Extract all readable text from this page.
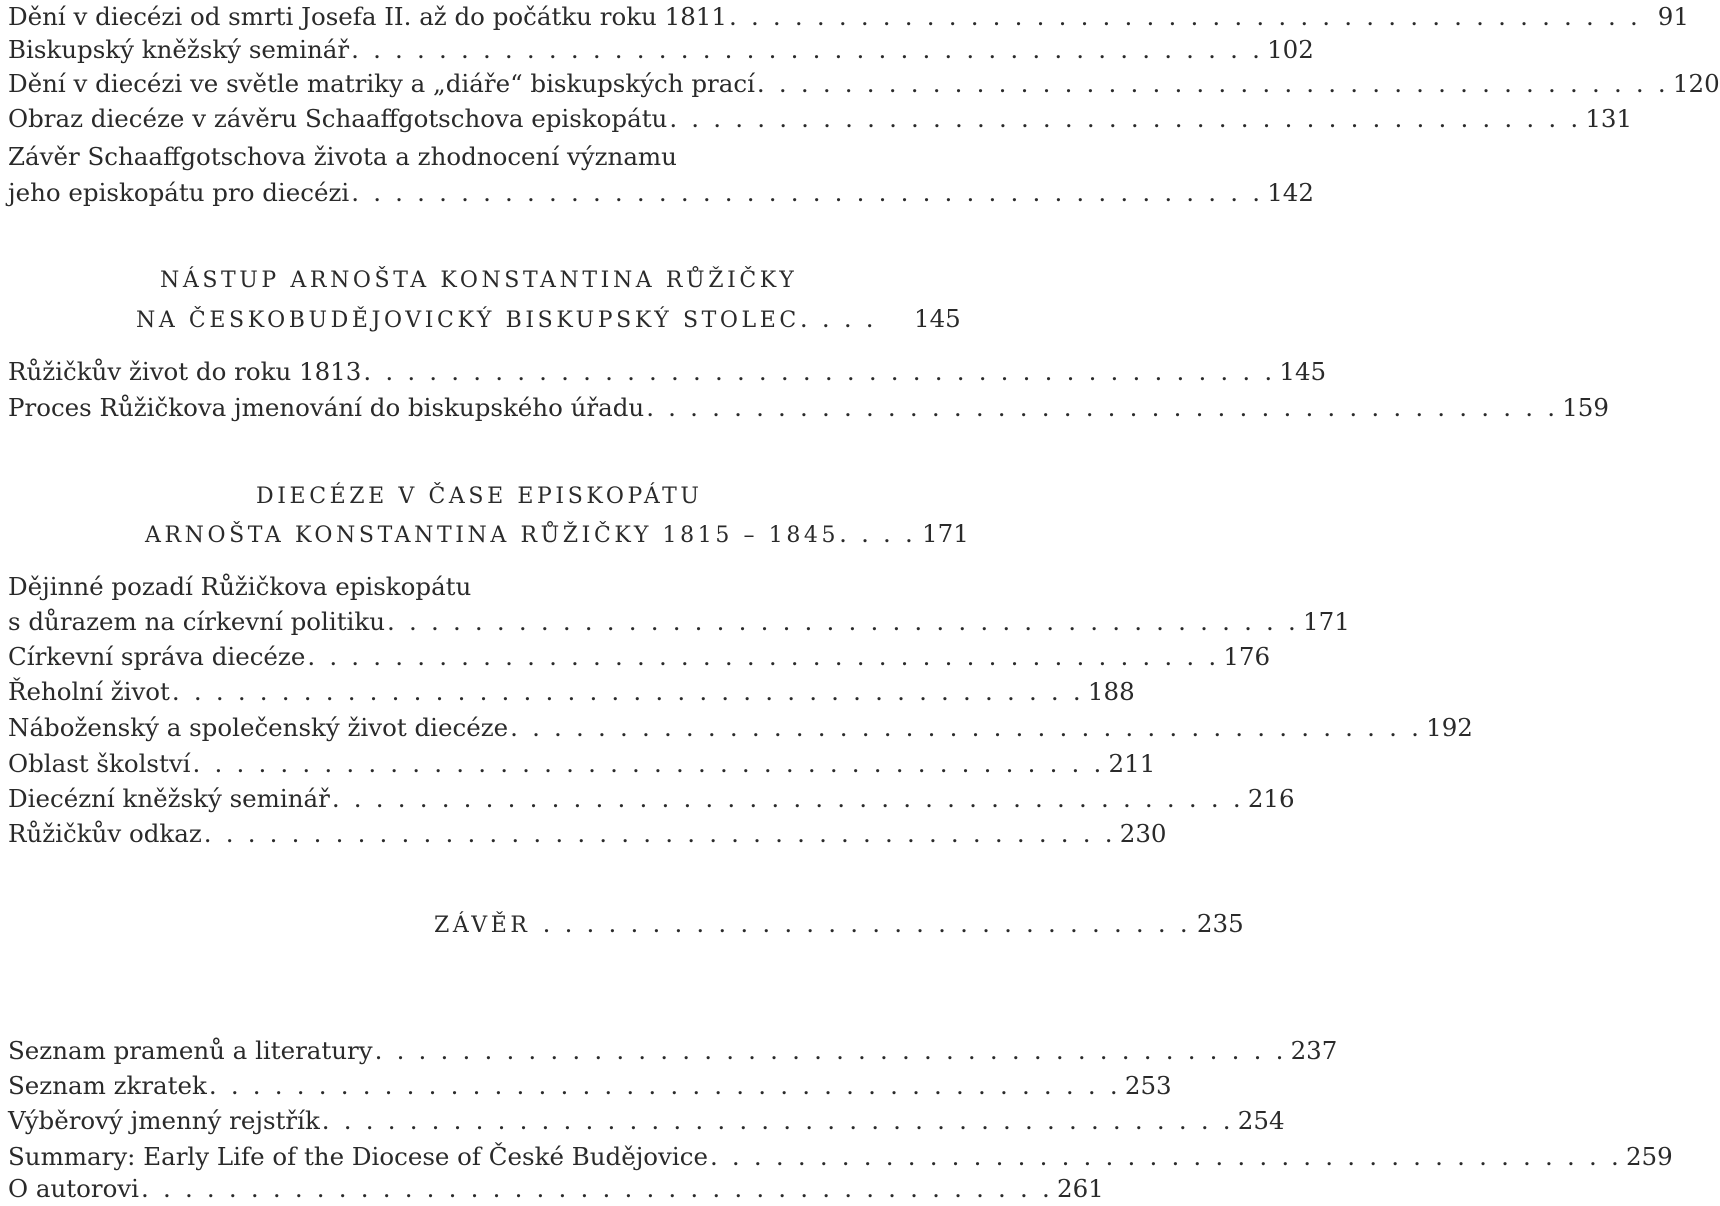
Dění v diecézi od smrti Josefa II. až do počátku roku 1811 . . . . . . . . . . . . . . . . . . . . . . . . . . . . . . . . . . . . . . . . . . 91
Biskupský kněžský seminář . . . . . . . . . . . . . . . . . . . . . . . . . . . . . . . . . . . . . . . . . . 102
Dění v diecézi ve světle matriky a „diáře“ biskupských prací . . . . . . . . . . . . . . . . . . . . . . . . . . . . . . . . . . . . . . . . . . 120
Obraz diecéze v závěru Schaaffgotschova episkopátu . . . . . . . . . . . . . . . . . . . . . . . . . . . . . . . . . . . . . . . . . . 131
Závěr Schaaffgotschova života a zhodnocení významu
jeho episkopátu pro diecézi . . . . . . . . . . . . . . . . . . . . . . . . . . . . . . . . . . . . . . . . . . 142
NÁSTUP ARNOŠTA KONSTANTINA RŮŽIČKY
NA ČESKOBUDĚJOVICKÝ BISKUPSKÝ STOLEC . . . . 145
Růžičkův život do roku 1813 . . . . . . . . . . . . . . . . . . . . . . . . . . . . . . . . . . . . . . . . . . 145
Proces Růžičkova jmenování do biskupského úřadu . . . . . . . . . . . . . . . . . . . . . . . . . . . . . . . . . . . . . . . . . . 159
DIECÉZE V ČASE EPISKOPÁTU
ARNOŠTA KONSTANTINA RŮŽIČKY 1815 – 1845 . . . . 171
Dějinné pozadí Růžičkova episkopátu
s důrazem na církevní politiku . . . . . . . . . . . . . . . . . . . . . . . . . . . . . . . . . . . . . . . . . . 171
Církevní správa diecéze . . . . . . . . . . . . . . . . . . . . . . . . . . . . . . . . . . . . . . . . . . 176
Řeholní život . . . . . . . . . . . . . . . . . . . . . . . . . . . . . . . . . . . . . . . . . . 188
Náboženský a společenský život diecéze . . . . . . . . . . . . . . . . . . . . . . . . . . . . . . . . . . . . . . . . . . 192
Oblast školství . . . . . . . . . . . . . . . . . . . . . . . . . . . . . . . . . . . . . . . . . . 211
Diecézní kněžský seminář . . . . . . . . . . . . . . . . . . . . . . . . . . . . . . . . . . . . . . . . . . 216
Růžičkův odkaz . . . . . . . . . . . . . . . . . . . . . . . . . . . . . . . . . . . . . . . . . . 230
ZÁVĚR . . . . . . . . . . . . . . . . . . . . . . . . . . . . . . 235
Seznam pramenů a literatury . . . . . . . . . . . . . . . . . . . . . . . . . . . . . . . . . . . . . . . . . . 237
Seznam zkratek . . . . . . . . . . . . . . . . . . . . . . . . . . . . . . . . . . . . . . . . . . 253
Výběrový jmenný rejstřík . . . . . . . . . . . . . . . . . . . . . . . . . . . . . . . . . . . . . . . . . . 254
Summary: Early Life of the Diocese of České Budějovice . . . . . . . . . . . . . . . . . . . . . . . . . . . . . . . . . . . . . . . . . . 259
O autorovi . . . . . . . . . . . . . . . . . . . . . . . . . . . . . . . . . . . . . . . . . . 261
